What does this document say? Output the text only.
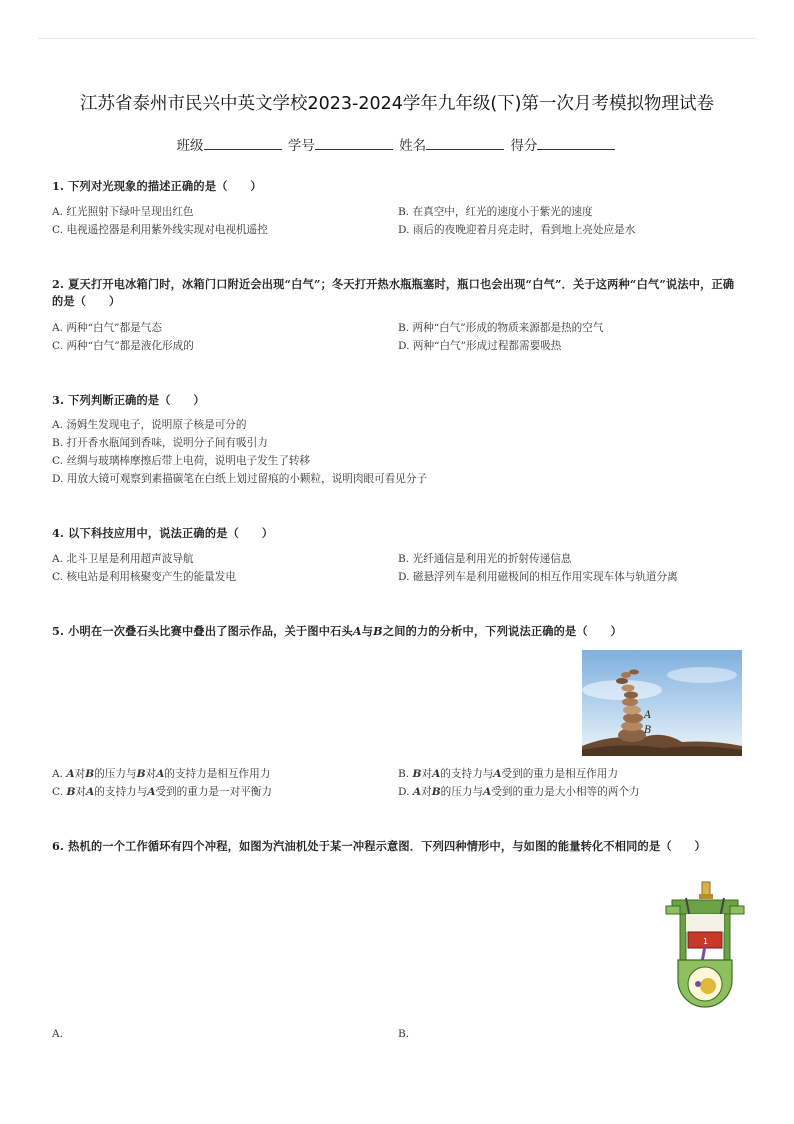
江苏省泰州市民兴中英文学校2023-2024学年九年级(下)第一次月考模拟物理试卷
班级	学号	姓名	得分
1. 下列对光现象的描述正确的是（　　）
A. 红光照射下绿叶呈现出红色	B. 在真空中，红光的速度小于紫光的速度
C. 电视遥控器是利用紫外线实现对电视机遥控	D. 雨后的夜晚迎着月亮走时，看到地上亮处应是水
2. 夏天打开电冰箱门时，冰箱门口附近会出现“白气”；冬天打开热水瓶瓶塞时，瓶口也会出现“白气”．关于这两种“白气”说法中，正确的是（　　）
A. 两种“白气”都是气态	B. 两种“白气”形成的物质来源都是热的空气
C. 两种“白气”都是液化形成的	D. 两种“白气”形成过程都需要吸热
3. 下列判断正确的是（　　）
A. 汤姆生发现电子，说明原子核是可分的
B. 打开香水瓶闻到香味，说明分子间有吸引力
C. 丝绸与玻璃棒摩擦后带上电荷，说明电子发生了转移
D. 用放大镜可观察到素描碳笔在白纸上划过留痕的小颗粒，说明肉眼可看见分子
4. 以下科技应用中，说法正确的是（　　）
A. 北斗卫星是利用超声波导航	B. 光纤通信是利用光的折射传递信息
C. 核电站是利用核聚变产生的能量发电	D. 磁悬浮列车是利用磁极间的相互作用实现车体与轨道分离
5. 小明在一次叠石头比赛中叠出了图示作品，关于图中石头A与B之间的力的分析中，下列说法正确的是（　　）
A
B
A. A对B的压力与B对A的支持力是相互作用力	B. B对A的支持力与A受到的重力是相互作用力
C. B对A的支持力与A受到的重力是一对平衡力	D. A对B的压力与A受到的重力是大小相等的两个力
6. 热机的一个工作循环有四个冲程，如图为汽油机处于某一冲程示意图．下列四种情形中，与如图的能量转化不相同的是（　　）
1
A.	B.
